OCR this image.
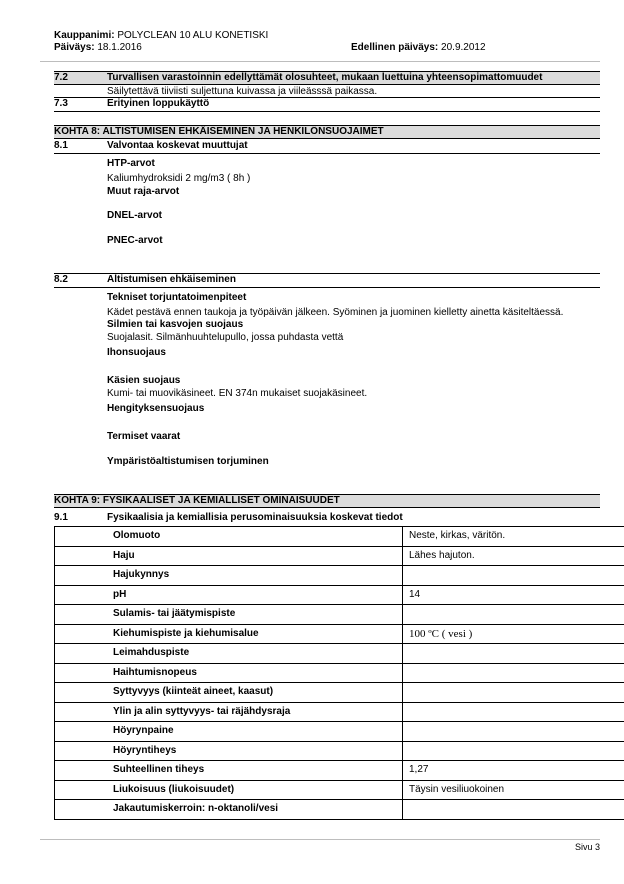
Kauppanimi: POLYCLEAN 10 ALU KONETISKI
Päiväys: 18.1.2016	Edellinen päiväys: 20.9.2012
7.2	Turvallisen varastoinnin edellyttämät olosuhteet, mukaan luettuina yhteensopimattomuudet
Säilytettävä tiiviisti suljettuna kuivassa ja viileässsä paikassa.
7.3	Erityinen loppukäyttö
KOHTA 8: ALTISTUMISEN EHKÄISEMINEN JA HENKILÖNSUOJAIMET
8.1	Valvontaa koskevat muuttujat
HTP-arvot
Kaliumhydroksidi 2 mg/m3 ( 8h )
Muut raja-arvot
DNEL-arvot
PNEC-arvot
8.2	Altistumisen ehkäiseminen
Tekniset torjuntatoimenpiteet
Kädet pestävä ennen taukoja ja työpäivän jälkeen. Syöminen ja juominen kielletty ainetta käsiteltäessä.
Silmien tai kasvojen suojaus
Suojalasit. Silmänhuuhtelupullo, jossa puhdasta vettä
Ihonsuojaus
Käsien suojaus
Kumi- tai muovikäsineet. EN 374n mukaiset suojakäsineet.
Hengityksensuojaus
Termiset vaarat
Ympäristöaltistumisen torjuminen
KOHTA 9: FYSIKAALISET JA KEMIALLISET OMINAISUUDET
9.1	Fysikaalisia ja kemiallisia perusominaisuuksia koskevat tiedot
Olomuoto	Neste, kirkas, väritön.
Haju	Lähes hajuton.
Hajukynnys	
pH	14
Sulamis- tai jäätymispiste	
Kiehumispiste ja kiehumisalue	100 ºC ( vesi )
Leimahduspiste	
Haihtumisnopeus	
Syttyvyys (kiinteät aineet, kaasut)	
Ylin ja alin syttyvyys- tai räjähdysraja	
Höyrynpaine	
Höyryntiheys	
Suhteellinen tiheys	1,27
Liukoisuus (liukoisuudet)	Täysin vesiliuokoinen
Jakautumiskerroin: n-oktanoli/vesi	
Sivu 3
